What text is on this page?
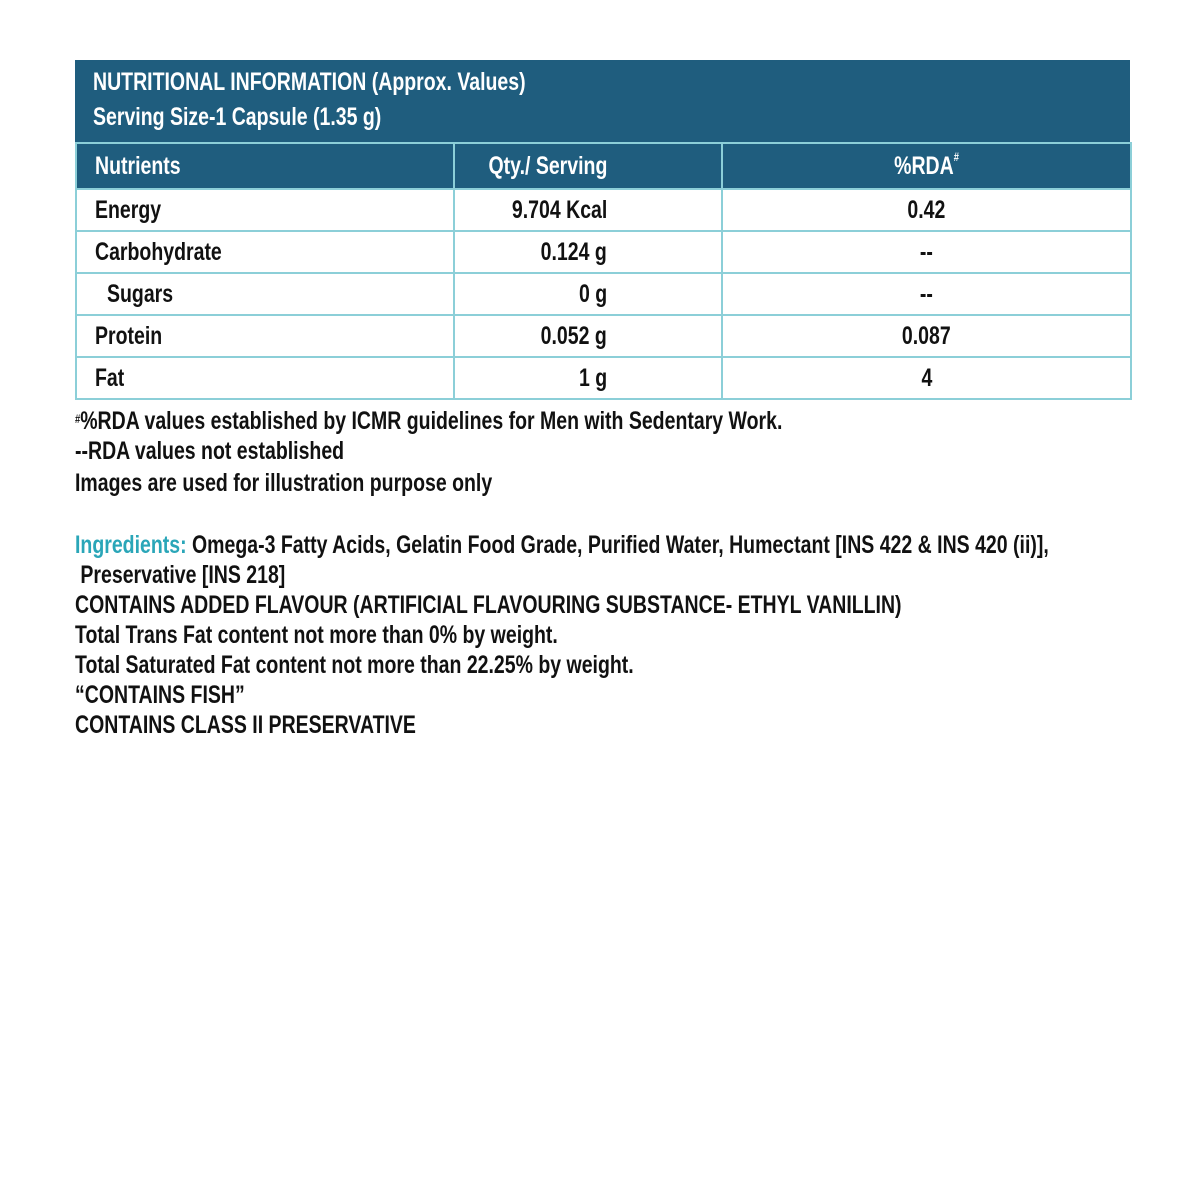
NUTRITIONAL INFORMATION (Approx. Values)
Serving Size-1 Capsule (1.35 g)
Nutrients	Qty./ Serving	%RDA#
Energy	9.704 Kcal	0.42
Carbohydrate	0.124 g	--
Sugars	0 g	--
Protein	0.052 g	0.087
Fat	1 g	4
#%RDA values established by ICMR guidelines for Men with Sedentary Work.
--RDA values not established
Images are used for illustration purpose only
Ingredients: Omega-3 Fatty Acids, Gelatin Food Grade, Purified Water, Humectant [INS 422 & INS 420 (ii)],
Preservative [INS 218]
CONTAINS ADDED FLAVOUR (ARTIFICIAL FLAVOURING SUBSTANCE- ETHYL VANILLIN)
Total Trans Fat content not more than 0% by weight.
Total Saturated Fat content not more than 22.25% by weight.
“CONTAINS FISH”
CONTAINS CLASS II PRESERVATIVE
